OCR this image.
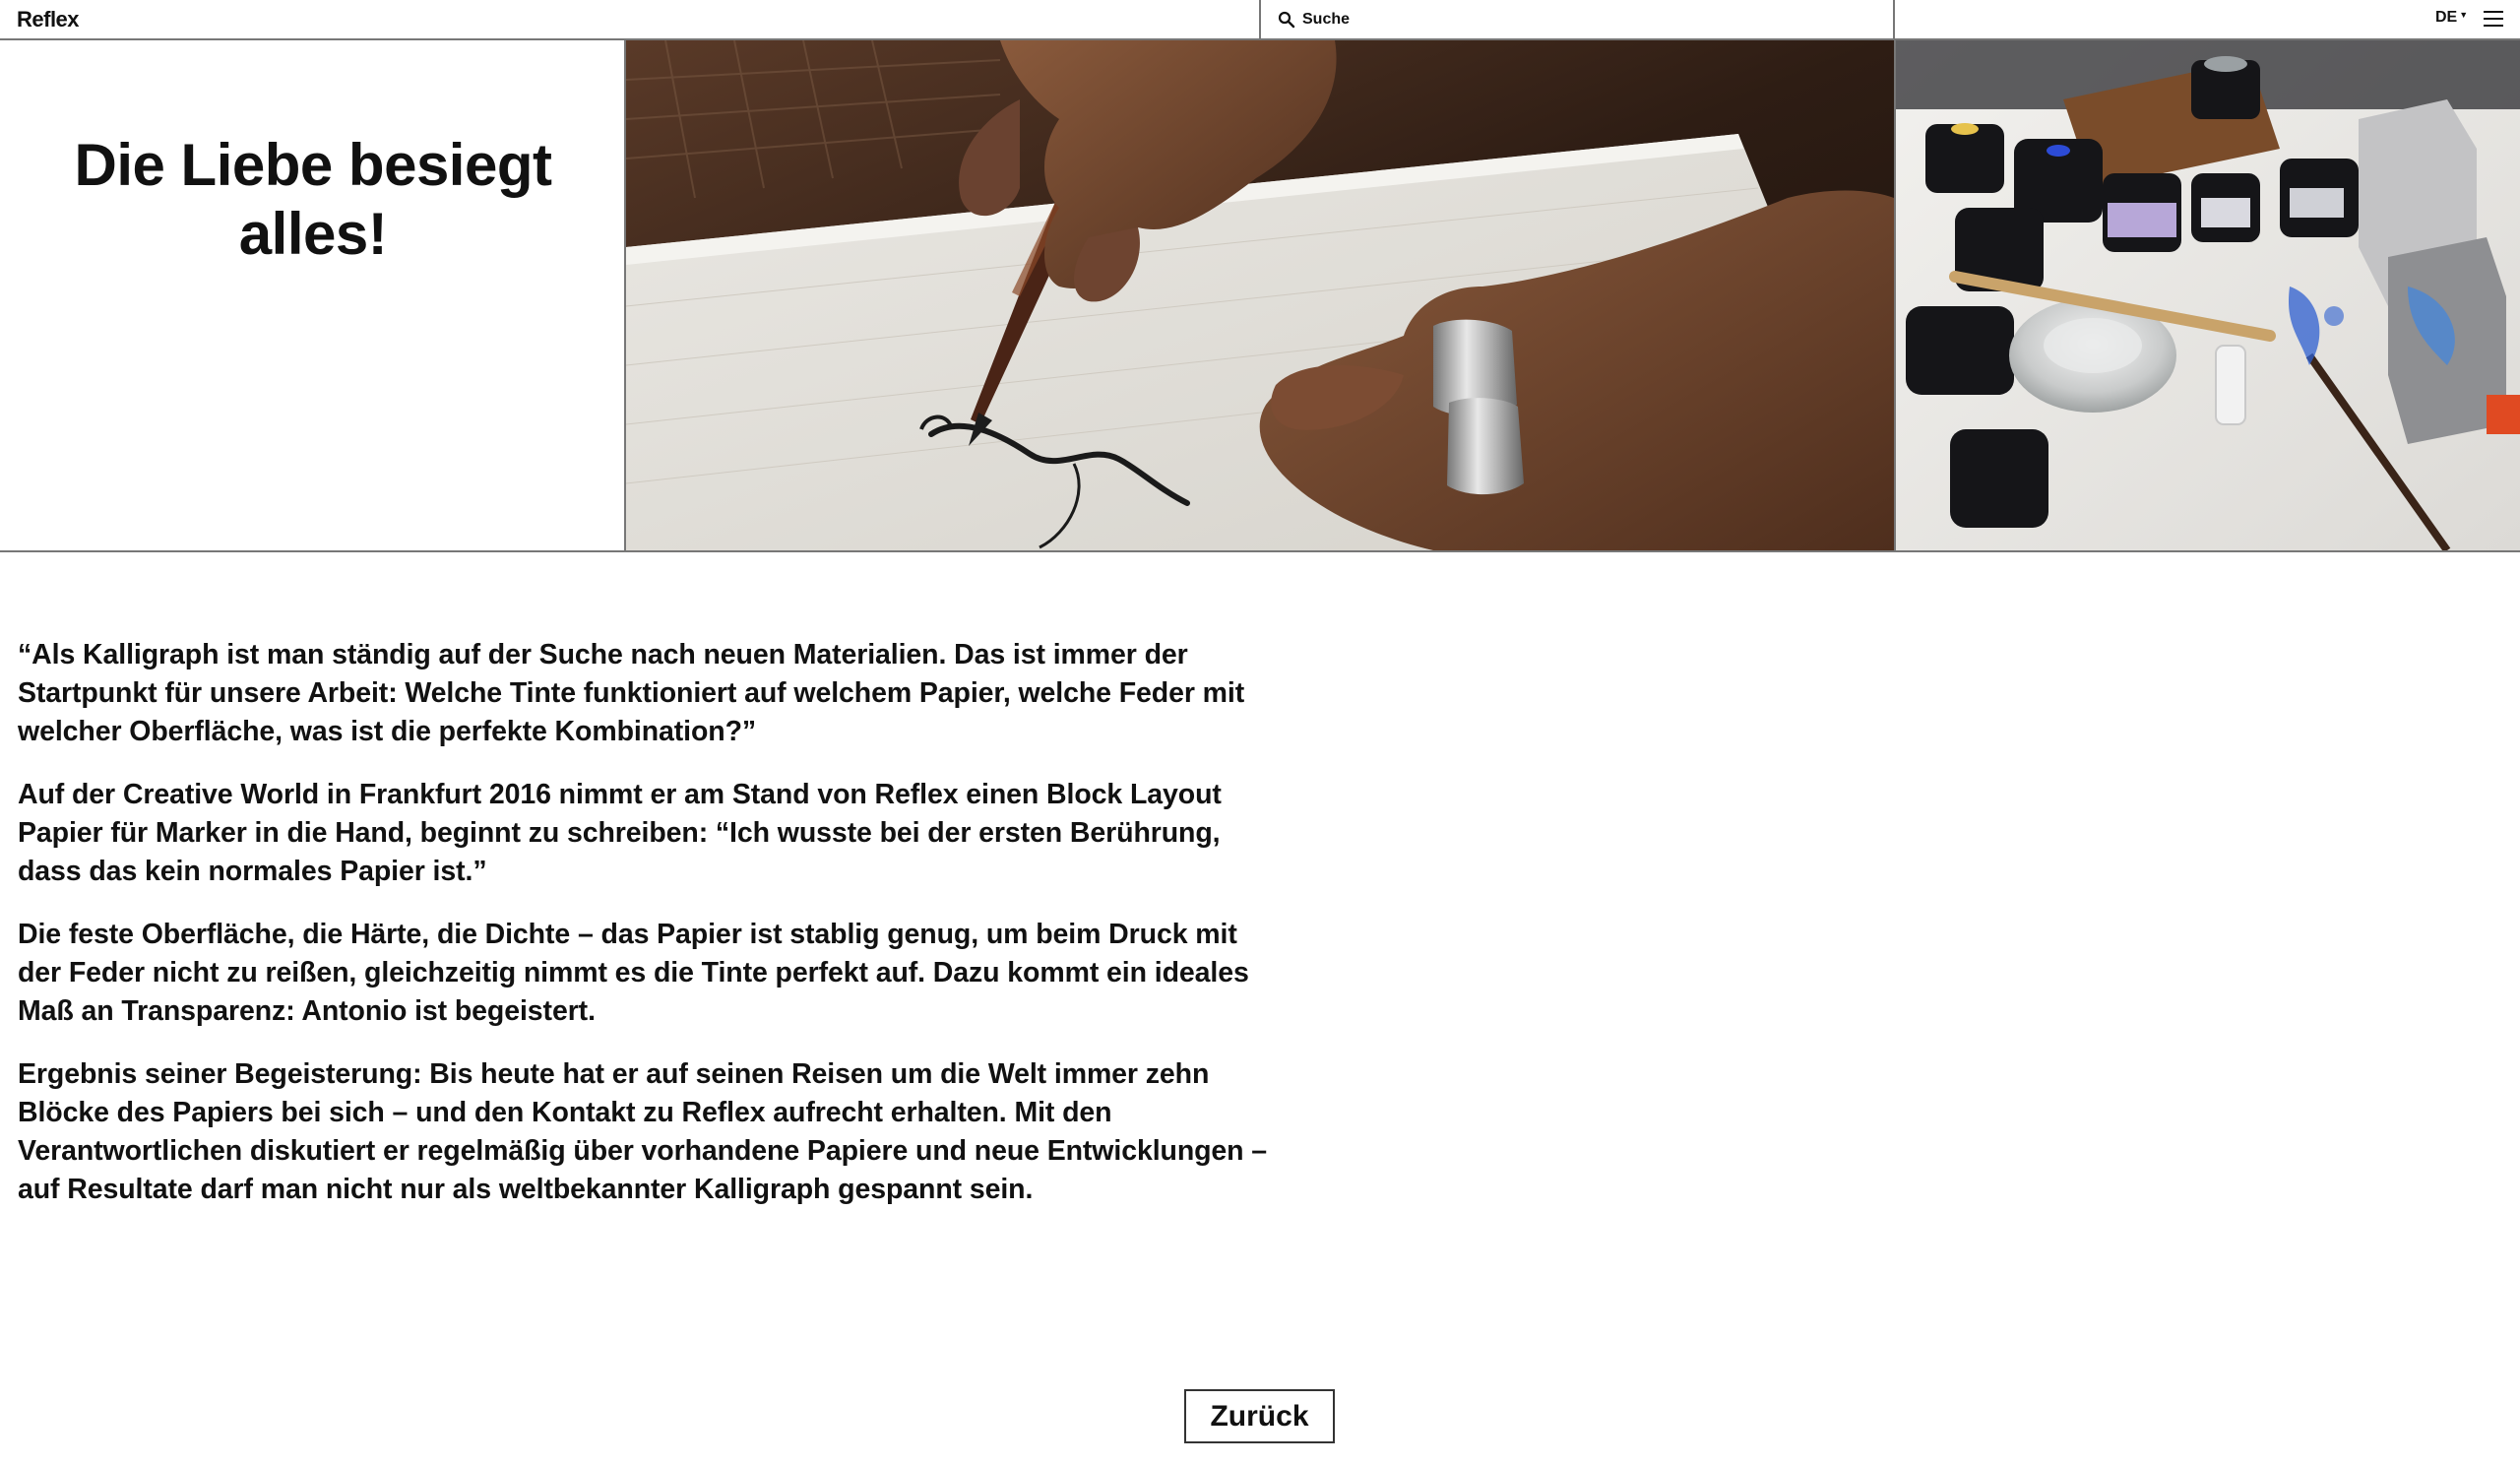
Reflex
Suche	DE ▼
Die Liebe besiegt alles!

“Als Kalligraph ist man ständig auf der Suche nach neuen Materialien. Das ist immer der Startpunkt für unsere Arbeit: Welche Tinte funktioniert auf welchem Papier, welche Feder mit welcher Oberfläche, was ist die perfekte Kombination?”

Auf der Creative World in Frankfurt 2016 nimmt er am Stand von Reflex einen Block Layout Papier für Marker in die Hand, beginnt zu schreiben: “Ich wusste bei der ersten Berührung, dass das kein normales Papier ist.”

Die feste Oberfläche, die Härte, die Dichte – das Papier ist stablig genug, um beim Druck mit der Feder nicht zu reißen, gleichzeitig nimmt es die Tinte perfekt auf. Dazu kommt ein ideales Maß an Transparenz: Antonio ist begeistert.

Ergebnis seiner Begeisterung: Bis heute hat er auf seinen Reisen um die Welt immer zehn Blöcke des Papiers bei sich – und den Kontakt zu Reflex aufrecht erhalten. Mit den Verantwortlichen diskutiert er regelmäßig über vorhandene Papiere und neue Entwicklungen – auf Resultate darf man nicht nur als weltbekannter Kalligraph gespannt sein.

Zurück
